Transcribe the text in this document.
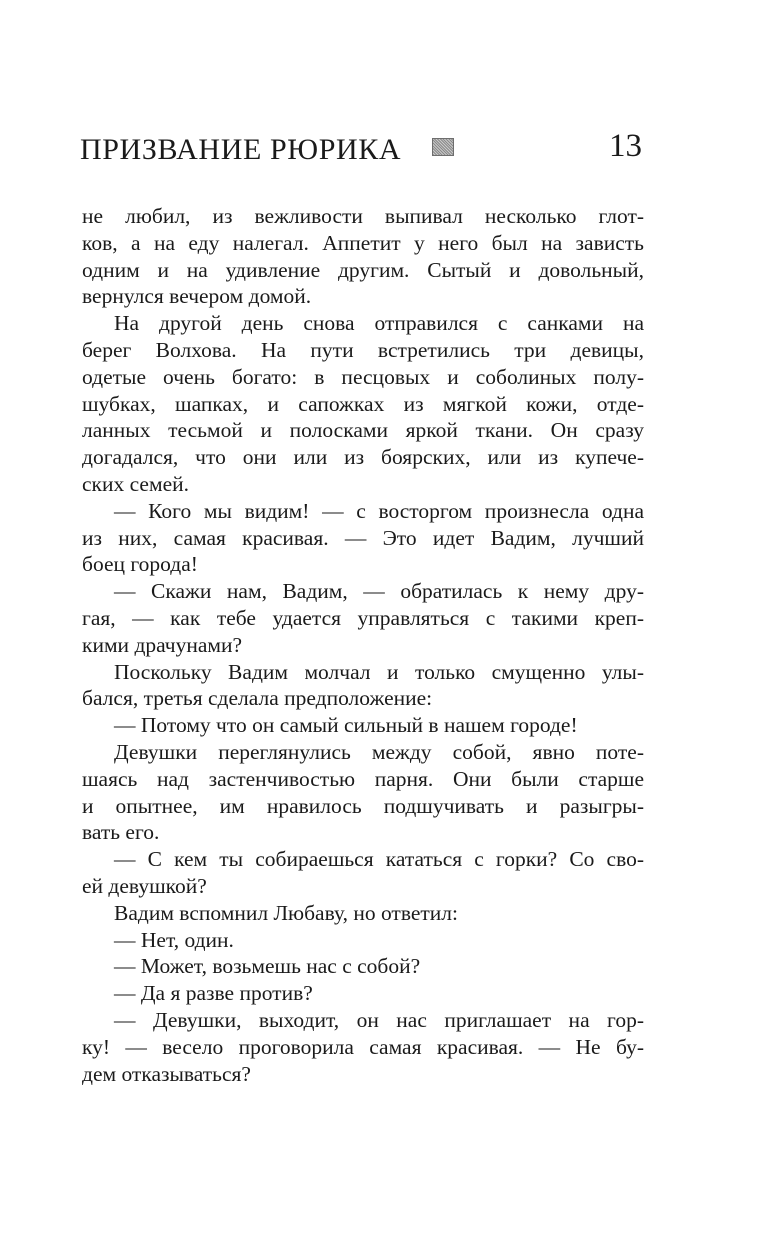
ПРИЗВАНИЕ РЮРИКА	13
не любил, из вежливости выпивал несколько глот-
ков, а на еду налегал. Аппетит у него был на зависть
одним и на удивление другим. Сытый и довольный,
вернулся вечером домой.
На другой день снова отправился с санками на
берег Волхова. На пути встретились три девицы,
одетые очень богато: в песцовых и соболиных полу-
шубках, шапках, и сапожках из мягкой кожи, отде-
ланных тесьмой и полосками яркой ткани. Он сразу
догадался, что они или из боярских, или из купече-
ских семей.
— Кого мы видим! — с восторгом произнесла одна
из них, самая красивая. — Это идет Вадим, лучший
боец города!
— Скажи нам, Вадим, — обратилась к нему дру-
гая, — как тебе удается управляться с такими креп-
кими драчунами?
Поскольку Вадим молчал и только смущенно улы-
бался, третья сделала предположение:
— Потому что он самый сильный в нашем городе!
Девушки переглянулись между собой, явно поте-
шаясь над застенчивостью парня. Они были старше
и опытнее, им нравилось подшучивать и разыгры-
вать его.
— С кем ты собираешься кататься с горки? Со сво-
ей девушкой?
Вадим вспомнил Любаву, но ответил:
— Нет, один.
— Может, возьмешь нас с собой?
— Да я разве против?
— Девушки, выходит, он нас приглашает на гор-
ку! — весело проговорила самая красивая. — Не бу-
дем отказываться?
